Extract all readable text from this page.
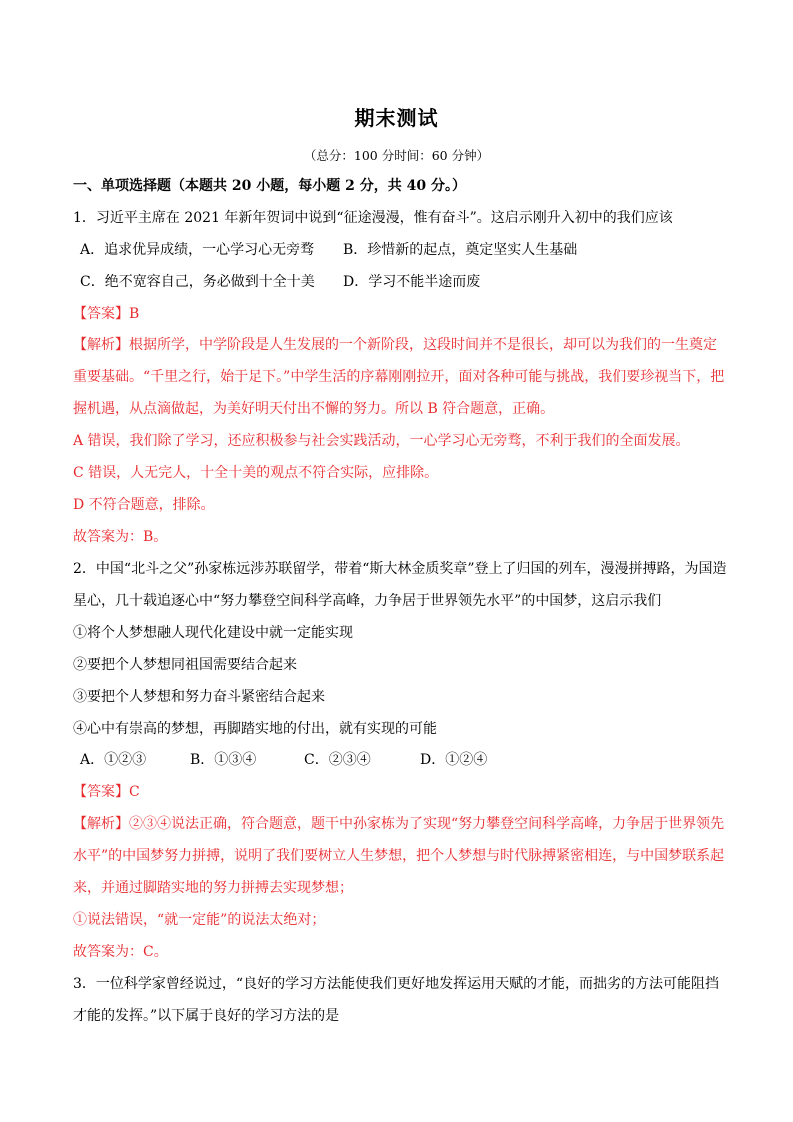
期末测试
（总分：100 分时间：60 分钟）
一、单项选择题（本题共 20 小题，每小题 2 分，共 40 分。）
1．习近平主席在 2021 年新年贺词中说到“征途漫漫，惟有奋斗”。这启示刚升入初中的我们应该
A．追求优异成绩，一心学习心无旁骛 B．珍惜新的起点，奠定坚实人生基础
C．绝不宽容自己，务必做到十全十美 D．学习不能半途而废
【答案】B
【解析】根据所学，中学阶段是人生发展的一个新阶段，这段时间并不是很长，却可以为我们的一生奠定
重要基础。“千里之行，始于足下。”中学生活的序幕刚刚拉开，面对各种可能与挑战，我们要珍视当下，把
握机遇，从点滴做起，为美好明天付出不懈的努力。所以 B 符合题意，正确。
A 错误，我们除了学习，还应积极参与社会实践活动，一心学习心无旁骛，不利于我们的全面发展。
C 错误，人无完人，十全十美的观点不符合实际，应排除。
D 不符合题意，排除。
故答案为：B。
2．中国“北斗之父”孙家栋远涉苏联留学，带着“斯大林金质奖章”登上了归国的列车，漫漫拼搏路，为国造
星心，几十载追逐心中“努力攀登空间科学高峰，力争居于世界领先水平”的中国梦，这启示我们
①将个人梦想融人现代化建设中就一定能实现
②要把个人梦想同祖国需要结合起来
③要把个人梦想和努力奋斗紧密结合起来
④心中有崇高的梦想，再脚踏实地的付出，就有实现的可能
A．①②③	B．①③④	C．②③④	D．①②④
【答案】C
【解析】②③④说法正确，符合题意，题干中孙家栋为了实现“努力攀登空间科学高峰，力争居于世界领先
水平”的中国梦努力拼搏，说明了我们要树立人生梦想，把个人梦想与时代脉搏紧密相连，与中国梦联系起
来，并通过脚踏实地的努力拼搏去实现梦想；
①说法错误，“就一定能”的说法太绝对；
故答案为：C。
3．一位科学家曾经说过，“良好的学习方法能使我们更好地发挥运用天赋的才能，而拙劣的方法可能阻挡
才能的发挥。”以下属于良好的学习方法的是
